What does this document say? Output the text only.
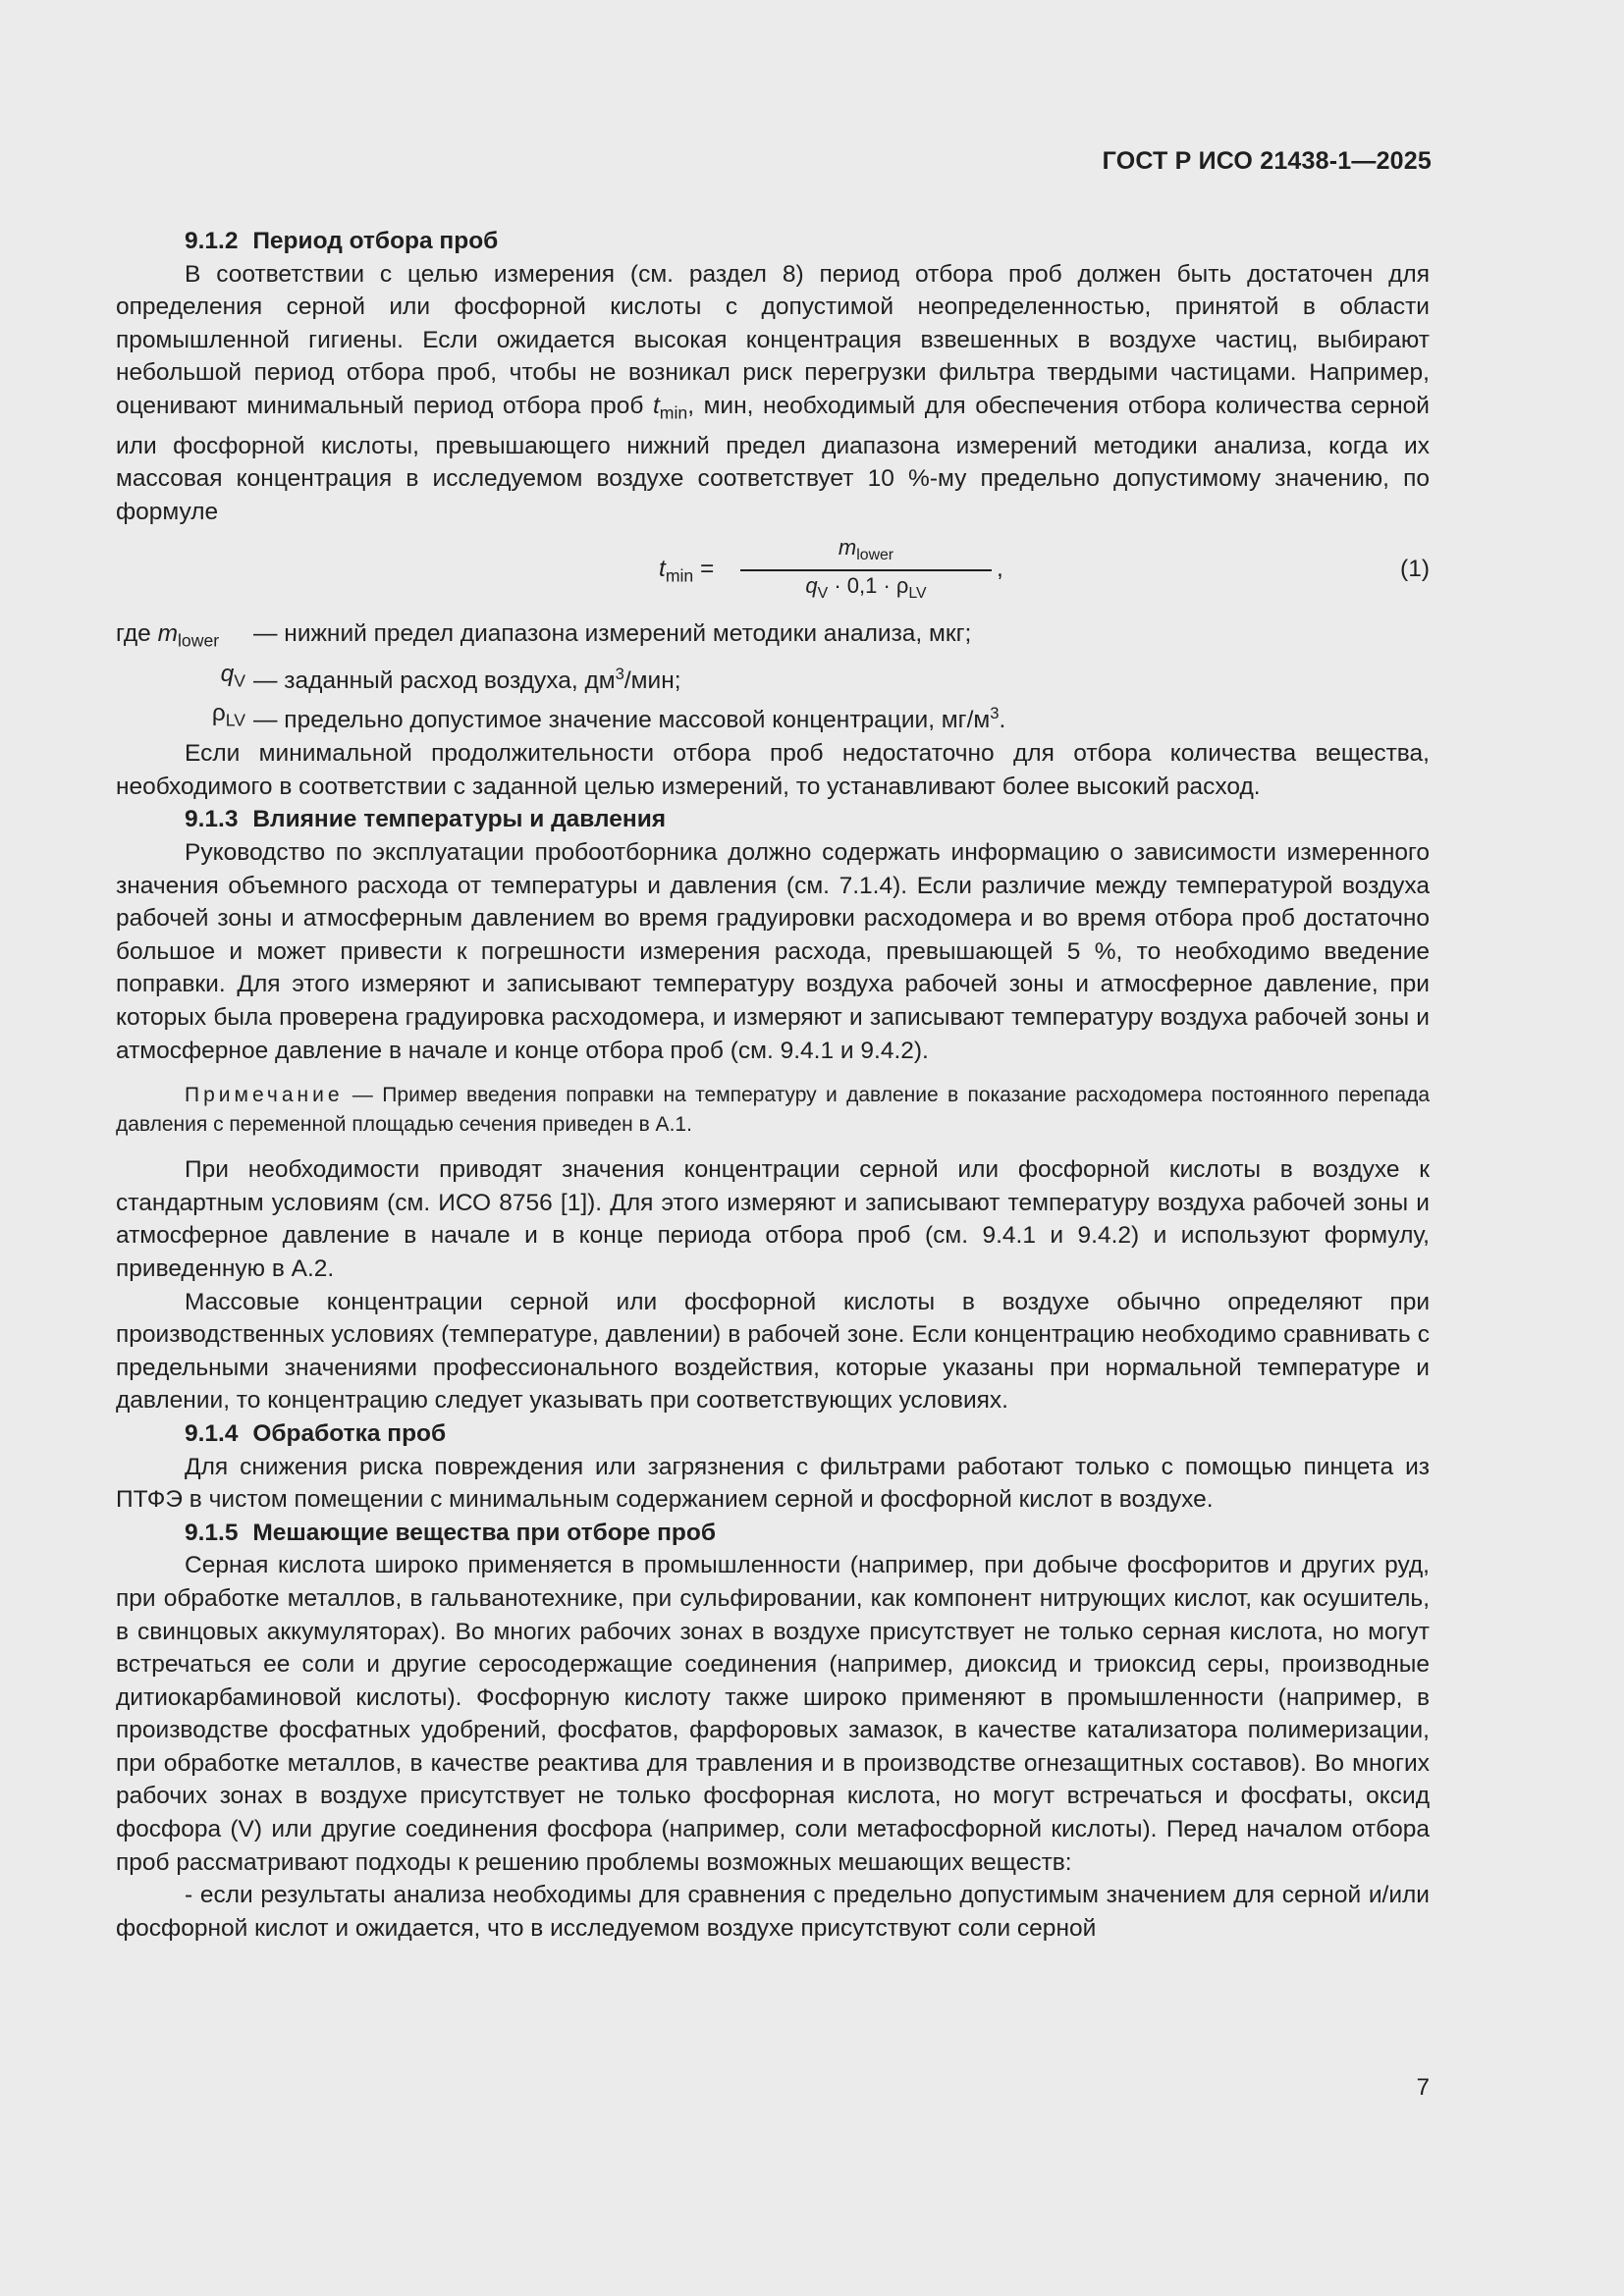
ГОСТ Р ИСО 21438-1—2025
9.1.2 Период отбора проб

В соответствии с целью измерения (см. раздел 8) период отбора проб должен быть достаточен для определения серной или фосфорной кислоты с допустимой неопределенностью, принятой в области промышленной гигиены. Если ожидается высокая концентрация взвешенных в воздухе частиц, выбирают небольшой период отбора проб, чтобы не возникал риск перегрузки фильтра твердыми частицами. Например, оценивают минимальный период отбора проб $t_{min}$, мин, необходимый для обеспечения отбора количества серной или фосфорной кислоты, превышающего нижний предел диапазона измерений методики анализа, когда их массовая концентрация в исследуемом воздухе соответствует 10 %-му предельно допустимому значению, по формуле

$t_{min}$ =
$m_{lower}$
$q_V \cdot 0,1 \cdot \rho_{LV}$
,	(1)
где $m_{lower}$	— нижний предел диапазона измерений методики анализа, мкг;
$q_V$ — заданный расход воздуха, $дм^3$/мин;
$\rho_{LV}$ — предельно допустимое значение массовой концентрации, $мг/м^3$.

Если минимальной продолжительности отбора проб недостаточно для отбора количества вещества, необходимого в соответствии с заданной целью измерений, то устанавливают более высокий расход.

9.1.3 Влияние температуры и давления

Руководство по эксплуатации пробоотборника должно содержать информацию о зависимости измеренного значения объемного расхода от температуры и давления (см. 7.1.4). Если различие между температурой воздуха рабочей зоны и атмосферным давлением во время градуировки расходомера и во время отбора проб достаточно большое и может привести к погрешности измерения расхода, превышающей 5 %, то необходимо введение поправки. Для этого измеряют и записывают температуру воздуха рабочей зоны и атмосферное давление, при которых была проверена градуировка расходомера, и измеряют и записывают температуру воздуха рабочей зоны и атмосферное давление в начале и конце отбора проб (см. 9.4.1 и 9.4.2).

Примечание — Пример введения поправки на температуру и давление в показание расходомера постоянного перепада давления с переменной площадью сечения приведен в А.1.

При необходимости приводят значения концентрации серной или фосфорной кислоты в воздухе к стандартным условиям (см. ИСО 8756 [1]). Для этого измеряют и записывают температуру воздуха рабочей зоны и атмосферное давление в начале и в конце периода отбора проб (см. 9.4.1 и 9.4.2) и используют формулу, приведенную в А.2.

Массовые концентрации серной или фосфорной кислоты в воздухе обычно определяют при производственных условиях (температуре, давлении) в рабочей зоне. Если концентрацию необходимо сравнивать с предельными значениями профессионального воздействия, которые указаны при нормальной температуре и давлении, то концентрацию следует указывать при соответствующих условиях.

9.1.4 Обработка проб

Для снижения риска повреждения или загрязнения с фильтрами работают только с помощью пинцета из ПТФЭ в чистом помещении с минимальным содержанием серной и фосфорной кислот в воздухе.

9.1.5 Мешающие вещества при отборе проб

Серная кислота широко применяется в промышленности (например, при добыче фосфоритов и других руд, при обработке металлов, в гальванотехнике, при сульфировании, как компонент нитрующих кислот, как осушитель, в свинцовых аккумуляторах). Во многих рабочих зонах в воздухе присутствует не только серная кислота, но могут встречаться ее соли и другие серосодержащие соединения (например, диоксид и триоксид серы, производные дитиокарбаминовой кислоты). Фосфорную кислоту также широко применяют в промышленности (например, в производстве фосфатных удобрений, фосфатов, фарфоровых замазок, в качестве катализатора полимеризации, при обработке металлов, в качестве реактива для травления и в производстве огнезащитных составов). Во многих рабочих зонах в воздухе присутствует не только фосфорная кислота, но могут встречаться и фосфаты, оксид фосфора (V) или другие соединения фосфора (например, соли метафосфорной кислоты). Перед началом отбора проб рассматривают подходы к решению проблемы возможных мешающих веществ:

- если результаты анализа необходимы для сравнения с предельно допустимым значением для серной и/или фосфорной кислот и ожидается, что в исследуемом воздухе присутствуют соли серной

7
